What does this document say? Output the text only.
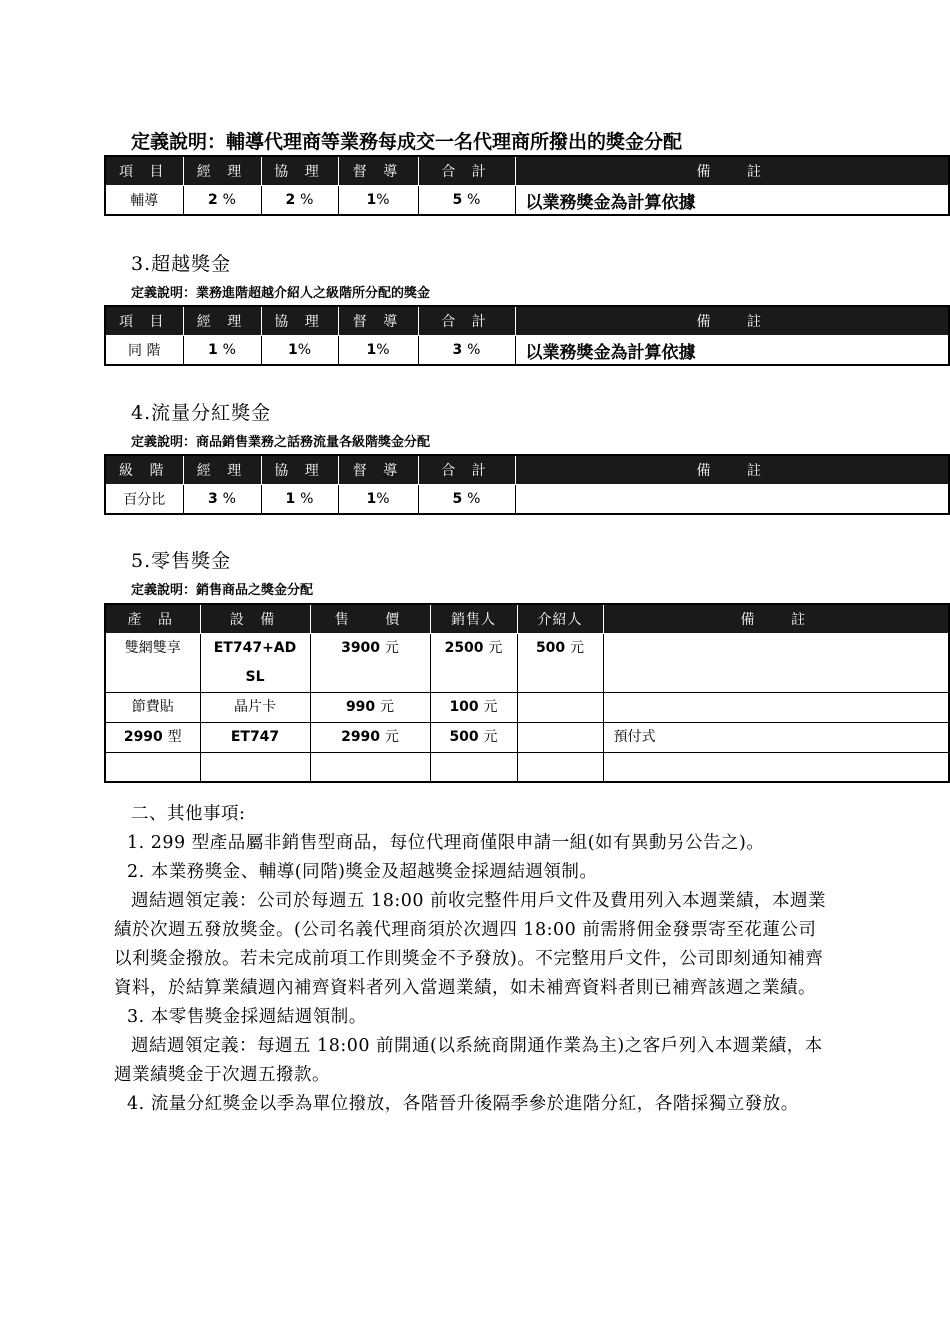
定義說明：輔導代理商等業務每成交一名代理商所撥出的獎金分配
項 目	經 理	協 理	督 導	合 計	備　 註
輔導	2 %	2 %	1%	5 %	以業務獎金為計算依據
3.超越獎金
定義說明：業務進階超越介紹人之級階所分配的獎金
項 目	經 理	協 理	督 導	合 計	備　 註
同 階	1 %	1%	1%	3 %	以業務獎金為計算依據
4.流量分紅獎金
定義說明：商品銷售業務之話務流量各級階獎金分配
級 階	經 理	協 理	督 導	合 計	備　 註
百分比	3 %	1 %	1%	5 %	
5.零售獎金
定義說明：銷售商品之獎金分配
產 品	設 備	售　 價	銷售人	介紹人	備　 註
雙網雙享	ET747+AD SL	3900 元	2500 元	500 元	
節費貼	晶片卡	990 元	100 元		
2990 型	ET747	2990 元	500 元		預付式

二、其他事項:

1. 299 型產品屬非銷售型商品，每位代理商僅限申請一組(如有異動另公告之)。

2. 本業務獎金、輔導(同階)獎金及超越獎金採週結週領制。

週結週領定義：公司於每週五 18:00 前收完整件用戶文件及費用列入本週業績，本週業績於次週五發放獎金。(公司名義代理商須於次週四 18:00 前需將佣金發票寄至花蓮公司以利獎金撥放。若未完成前項工作則獎金不予發放)。不完整用戶文件，公司即刻通知補齊資料，於結算業績週內補齊資料者列入當週業績，如未補齊資料者則已補齊該週之業績。

3. 本零售獎金採週結週領制。

週結週領定義：每週五 18:00 前開通(以系統商開通作業為主)之客戶列入本週業績，本週業績獎金于次週五撥款。

4. 流量分紅獎金以季為單位撥放，各階晉升後隔季參於進階分紅，各階採獨立發放。
